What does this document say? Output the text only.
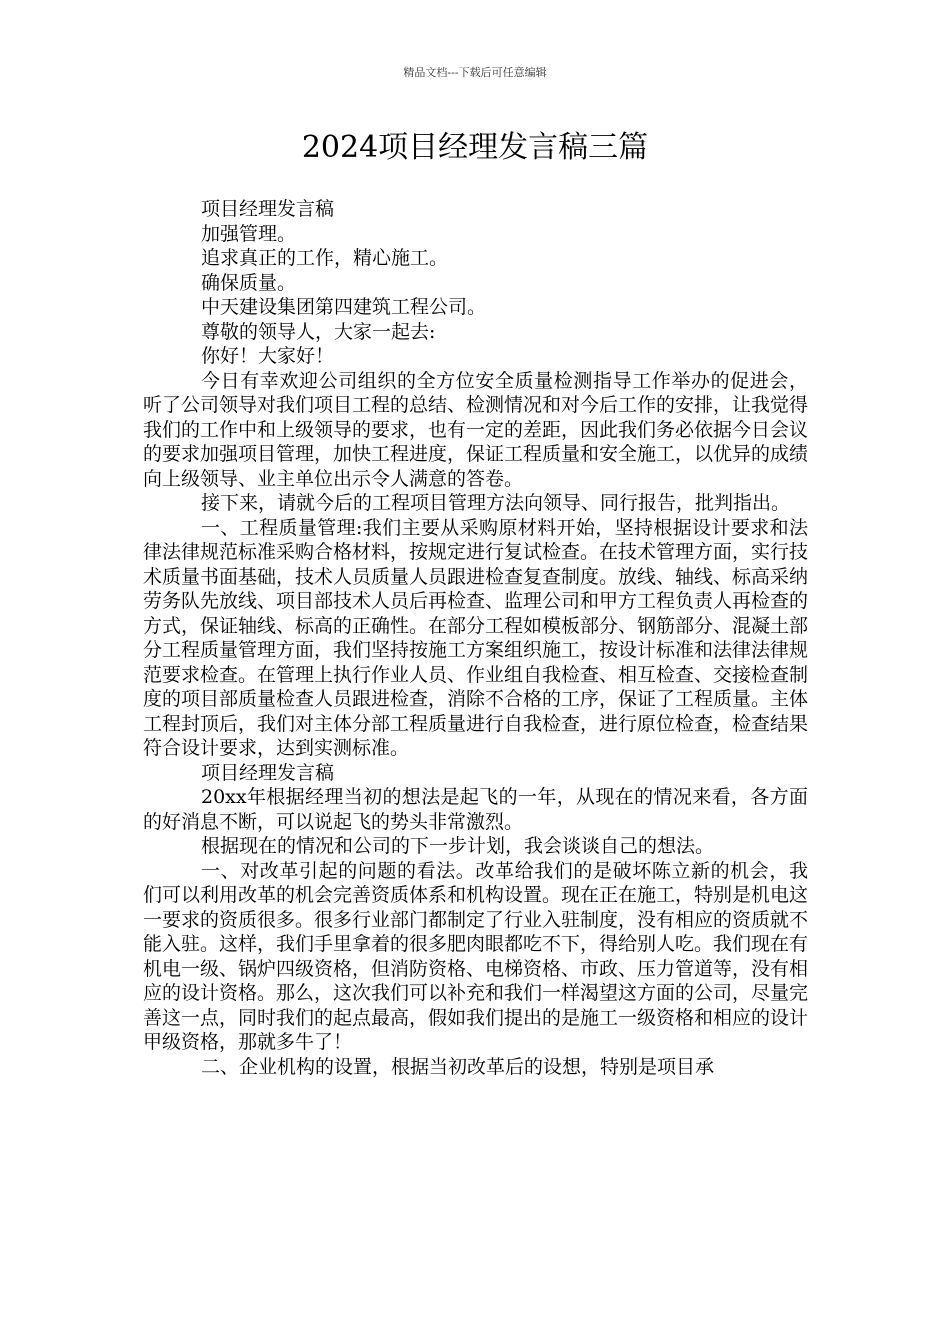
精品文档---下载后可任意编辑
2024项目经理发言稿三篇

项目经理发言稿

加强管理。

追求真正的工作，精心施工。

确保质量。

中天建设集团第四建筑工程公司。

尊敬的领导人，大家一起去:

你好！大家好！

今日有幸欢迎公司组织的全方位安全质量检测指导工作举办的促进会，听了公司领导对我们项目工程的总结、检测情况和对今后工作的安排，让我觉得我们的工作中和上级领导的要求，也有一定的差距，因此我们务必依据今日会议的要求加强项目管理，加快工程进度，保证工程质量和安全施工，以优异的成绩向上级领导、业主单位出示令人满意的答卷。

接下来，请就今后的工程项目管理方法向领导、同行报告，批判指出。

一、工程质量管理:我们主要从采购原材料开始，坚持根据设计要求和法律法律规范标准采购合格材料，按规定进行复试检查。在技术管理方面，实行技术质量书面基础，技术人员质量人员跟进检查复查制度。放线、轴线、标高采纳劳务队先放线、项目部技术人员后再检查、监理公司和甲方工程负责人再检查的方式，保证轴线、标高的正确性。在部分工程如模板部分、钢筋部分、混凝土部分工程质量管理方面，我们坚持按施工方案组织施工，按设计标准和法律法律规范要求检查。在管理上执行作业人员、作业组自我检查、相互检查、交接检查制度的项目部质量检查人员跟进检查，消除不合格的工序，保证了工程质量。主体工程封顶后，我们对主体分部工程质量进行自我检查，进行原位检查，检查结果符合设计要求，达到实测标准。

项目经理发言稿

20xx年根据经理当初的想法是起飞的一年，从现在的情况来看，各方面的好消息不断，可以说起飞的势头非常激烈。

根据现在的情况和公司的下一步计划，我会谈谈自己的想法。

一、对改革引起的问题的看法。改革给我们的是破坏陈立新的机会，我们可以利用改革的机会完善资质体系和机构设置。现在正在施工，特别是机电这一要求的资质很多。很多行业部门都制定了行业入驻制度，没有相应的资质就不能入驻。这样，我们手里拿着的很多肥肉眼都吃不下，得给别人吃。我们现在有机电一级、锅炉四级资格，但消防资格、电梯资格、市政、压力管道等，没有相应的设计资格。那么，这次我们可以补充和我们一样渴望这方面的公司，尽量完善这一点，同时我们的起点最高，假如我们提出的是施工一级资格和相应的设计甲级资格，那就多牛了！

二、企业机构的设置，根据当初改革后的设想，特别是项目承
